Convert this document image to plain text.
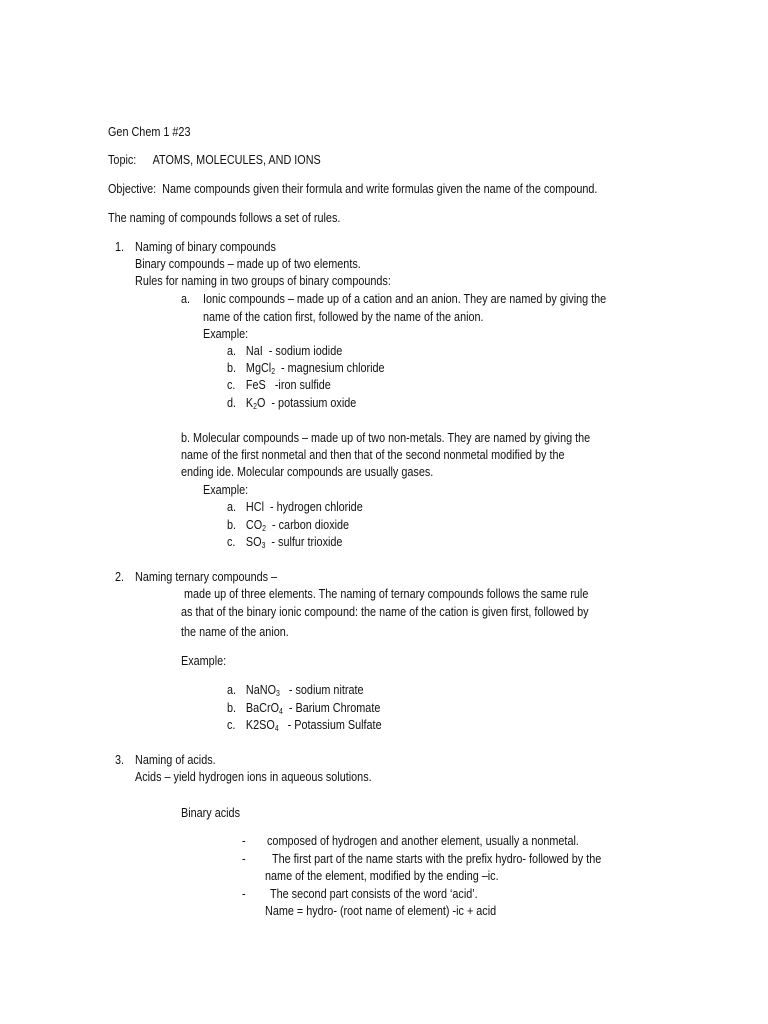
Gen Chem 1 #23
Topic: ATOMS, MOLECULES, AND IONS
Objective: Name compounds given their formula and write formulas given the name of the compound.
The naming of compounds follows a set of rules.
1. Naming of binary compounds
Binary compounds – made up of two elements.
Rules for naming in two groups of binary compounds:
a. Ionic compounds – made up of a cation and an anion. They are named by giving the
name of the cation first, followed by the name of the anion.
Example:
a. NaI - sodium iodide
b. MgCl$_2$ - magnesium chloride
c. FeS -iron sulfide
d. $K_2O$ - potassium oxide
b. Molecular compounds – made up of two non-metals. They are named by giving the
name of the first nonmetal and then that of the second nonmetal modified by the
ending ide. Molecular compounds are usually gases.
Example:
a. HCl - hydrogen chloride
b. $CO_2$ - carbon dioxide
c. $SO_3$ - sulfur trioxide
2. Naming ternary compounds –
made up of three elements. The naming of ternary compounds follows the same rule
as that of the binary ionic compound: the name of the cation is given first, followed by
the name of the anion.
Example:
a. NaNO$_3$ - sodium nitrate
b. BaCrO$_4$ - Barium Chromate
c. $K2SO_4$ - Potassium Sulfate
3. Naming of acids.
Acids – yield hydrogen ions in aqueous solutions.
Binary acids
- composed of hydrogen and another element, usually a nonmetal.
- The first part of the name starts with the prefix hydro- followed by the
name of the element, modified by the ending –ic.
- The second part consists of the word ‘acid’.
Name = hydro- (root name of element) -ic + acid
